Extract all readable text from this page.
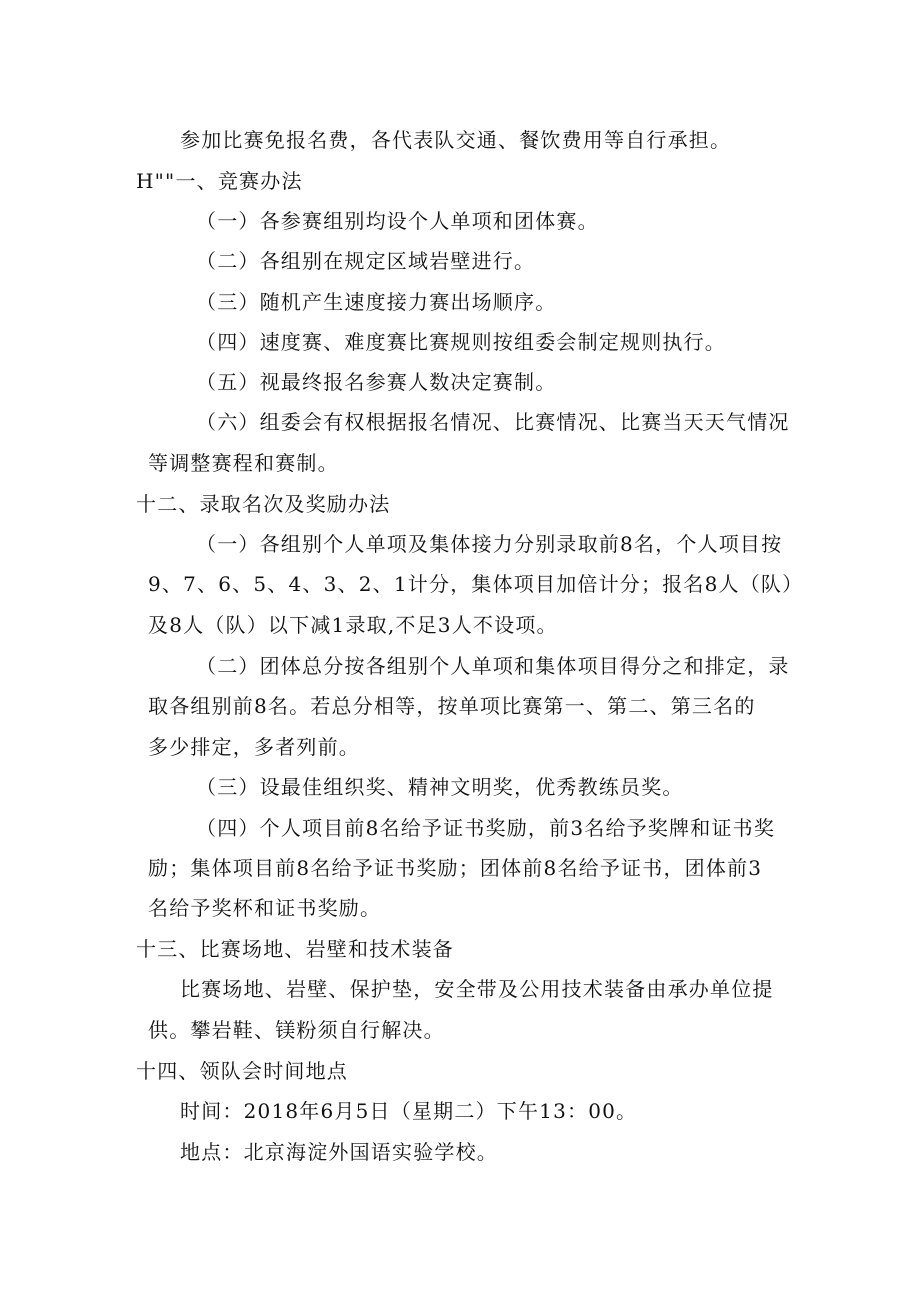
参加比赛免报名费，各代表队交通、餐饮费用等自行承担。
H""一、竞赛办法
（一）各参赛组别均设个人单项和团体赛。
（二）各组别在规定区域岩壁进行。
（三）随机产生速度接力赛出场顺序。
（四）速度赛、难度赛比赛规则按组委会制定规则执行。
（五）视最终报名参赛人数决定赛制。
（六）组委会有权根据报名情况、比赛情况、比赛当天天气情况
等调整赛程和赛制。
十二、录取名次及奖励办法
（一）各组别个人单项及集体接力分别录取前8名，个人项目按
9、7、6、5、4、3、2、1计分，集体项目加倍计分；报名8人（队）
及8人（队）以下减1录取,不足3人不设项。
（二）团体总分按各组别个人单项和集体项目得分之和排定，录
取各组别前8名。若总分相等，按单项比赛第一、第二、第三名的
多少排定，多者列前。
（三）设最佳组织奖、精神文明奖，优秀教练员奖。
（四）个人项目前8名给予证书奖励，前3名给予奖牌和证书奖
励；集体项目前8名给予证书奖励；团体前8名给予证书，团体前3
名给予奖杯和证书奖励。
十三、比赛场地、岩壁和技术装备
比赛场地、岩壁、保护垫，安全带及公用技术装备由承办单位提
供。攀岩鞋、镁粉须自行解决。
十四、领队会时间地点
时间：2018年6月5日（星期二）下午13：00。
地点：北京海淀外国语实验学校。
